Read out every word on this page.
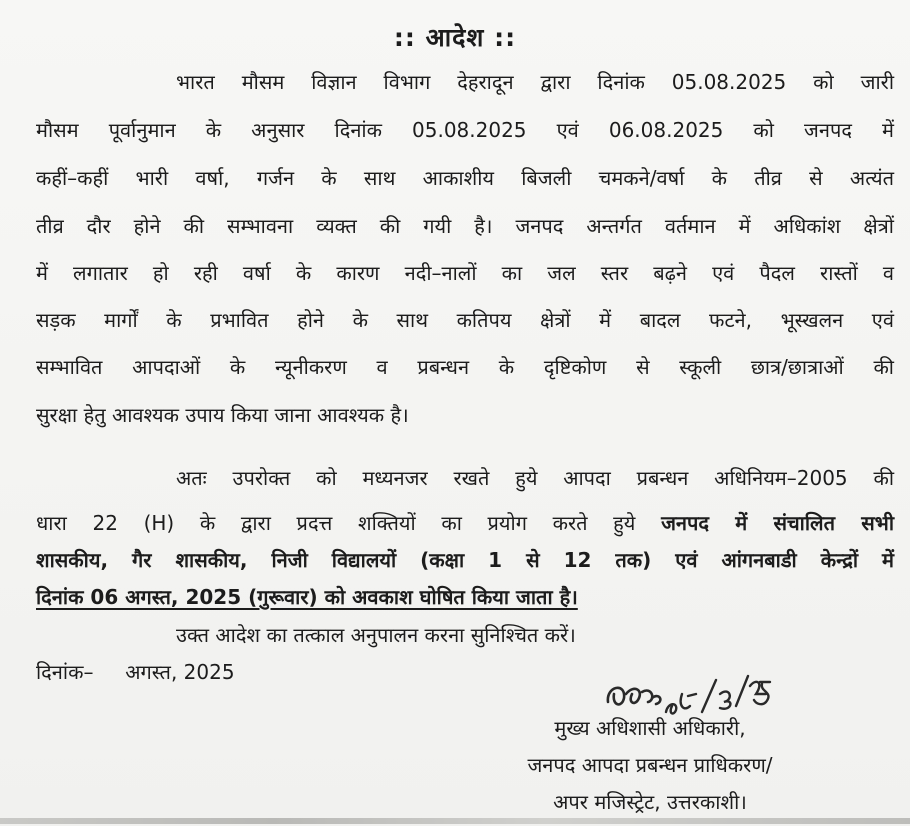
:: आदेश ::
भारत मौसम विज्ञान विभाग देहरादून द्वारा दिनांक 05.08.2025 को जारी
मौसम पूर्वानुमान के अनुसार दिनांक 05.08.2025 एवं 06.08.2025 को जनपद में
कहीं–कहीं भारी वर्षा, गर्जन के साथ आकाशीय बिजली चमकने/वर्षा के तीव्र से अत्यंत
तीव्र दौर होने की सम्भावना व्यक्त की गयी है। जनपद अन्तर्गत वर्तमान में अधिकांश क्षेत्रों
में लगातार हो रही वर्षा के कारण नदी–नालों का जल स्तर बढ़ने एवं पैदल रास्तों व
सड़क मार्गों के प्रभावित होने के साथ कतिपय क्षेत्रों में बादल फटने, भूस्खलन एवं
सम्भावित आपदाओं के न्यूनीकरण व प्रबन्धन के दृष्टिकोण से स्कूली छात्र/छात्राओं की
सुरक्षा हेतु आवश्यक उपाय किया जाना आवश्यक है।
अतः उपरोक्त को मध्यनजर रखते हुये आपदा प्रबन्धन अधिनियम–2005 की
धारा 22 (H) के द्वारा प्रदत्त शक्तियों का प्रयोग करते हुये जनपद में संचालित सभी
शासकीय, गैर शासकीय, निजी विद्यालयों (कक्षा 1 से 12 तक) एवं आंगनबाडी केन्द्रों में
दिनांक 06 अगस्त, 2025 (गुरूवार) को अवकाश घोषित किया जाता है।
उक्त आदेश का तत्काल अनुपालन करना सुनिश्चित करें।
दिनांक–     अगस्त, 2025
मुख्य अधिशासी अधिकारी,
जनपद आपदा प्रबन्धन प्राधिकरण/
अपर मजिस्ट्रेट, उत्तरकाशी।
